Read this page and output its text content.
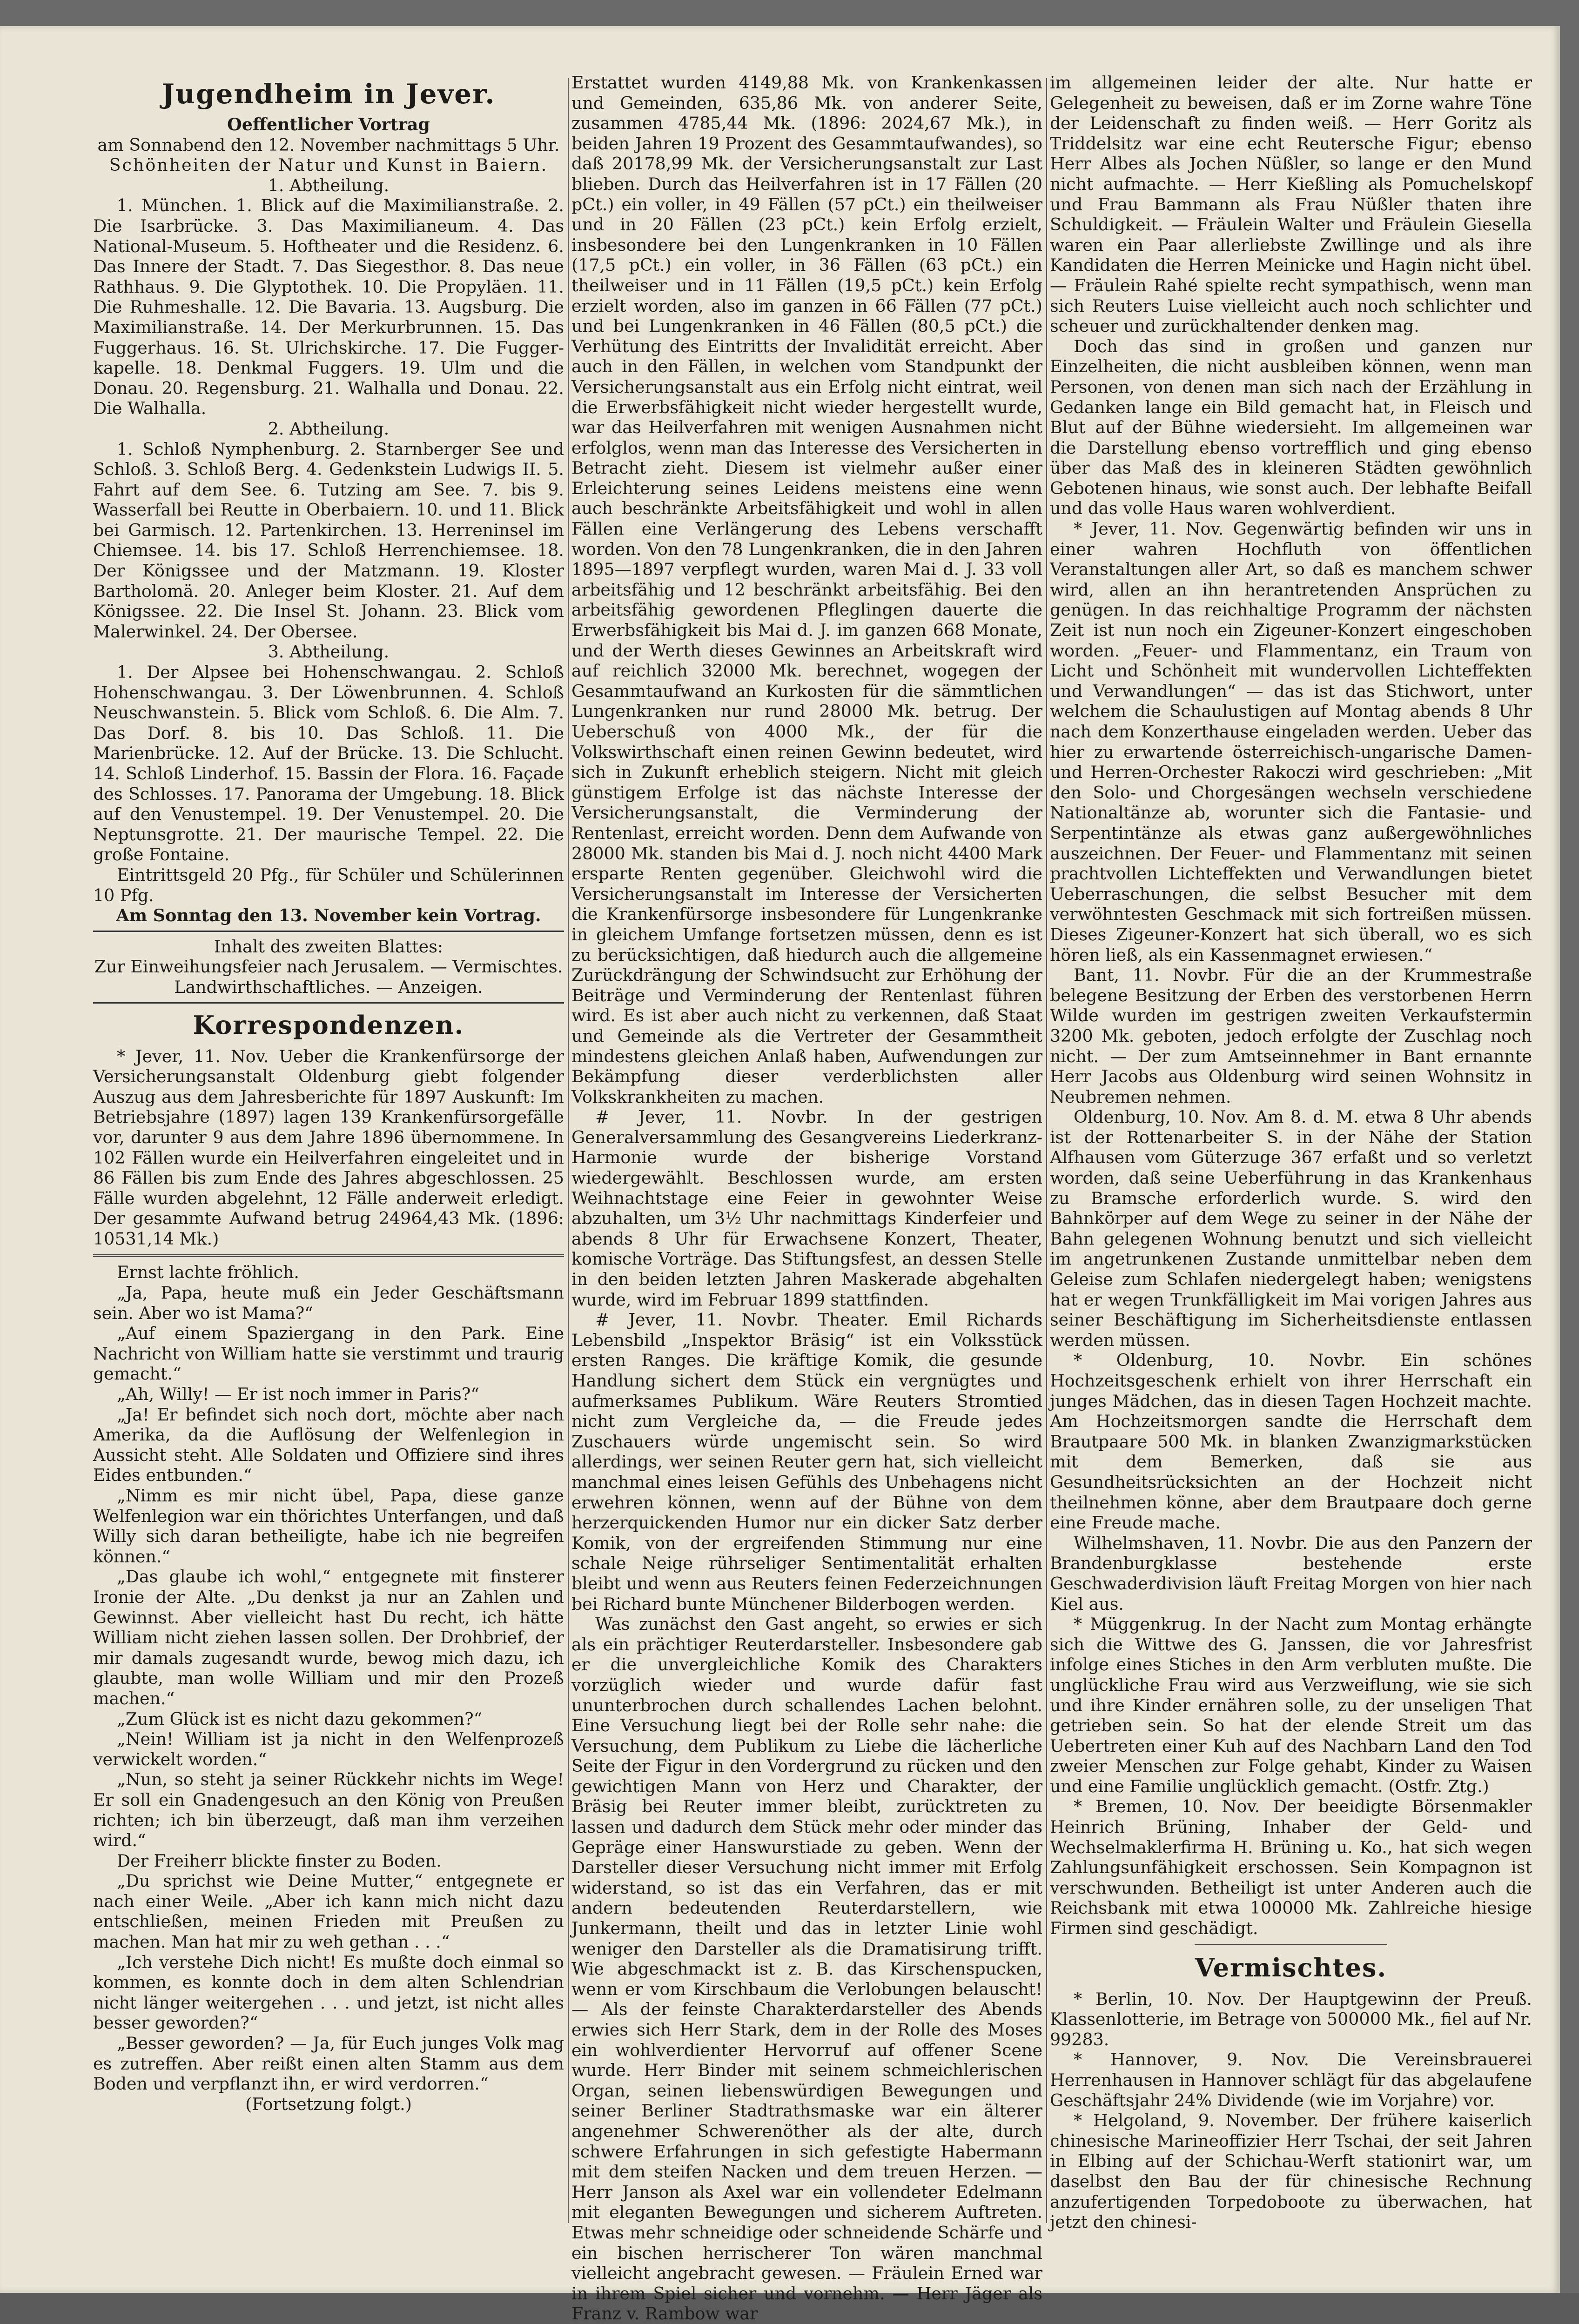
Jugendheim in Jever.

Oeffentlicher Vortrag

am Sonnabend den 12. November nachmittags 5 Uhr.

Schönheiten der Natur und Kunst in Baiern.

1. Abtheilung.

1. München. 1. Blick auf die Maximilianstraße. 2. Die Isarbrücke. 3. Das Maximilianeum. 4. Das National-Museum. 5. Hoftheater und die Residenz. 6. Das Innere der Stadt. 7. Das Siegesthor. 8. Das neue Rathhaus. 9. Die Glyptothek. 10. Die Propyläen. 11. Die Ruhmeshalle. 12. Die Bavaria. 13. Augsburg. Die Maximilianstraße. 14. Der Merkurbrunnen. 15. Das Fuggerhaus. 16. St. Ulrichskirche. 17. Die Fugger-kapelle. 18. Denkmal Fuggers. 19. Ulm und die Donau. 20. Regensburg. 21. Walhalla und Donau. 22. Die Walhalla.

2. Abtheilung.

1. Schloß Nymphenburg. 2. Starnberger See und Schloß. 3. Schloß Berg. 4. Gedenkstein Ludwigs II. 5. Fahrt auf dem See. 6. Tutzing am See. 7. bis 9. Wasserfall bei Reutte in Oberbaiern. 10. und 11. Blick bei Garmisch. 12. Partenkirchen. 13. Herreninsel im Chiemsee. 14. bis 17. Schloß Herrenchiemsee. 18. Der Königssee und der Matzmann. 19. Kloster Bartholomä. 20. Anleger beim Kloster. 21. Auf dem Königssee. 22. Die Insel St. Johann. 23. Blick vom Malerwinkel. 24. Der Obersee.

3. Abtheilung.

1. Der Alpsee bei Hohenschwangau. 2. Schloß Hohenschwangau. 3. Der Löwenbrunnen. 4. Schloß Neuschwanstein. 5. Blick vom Schloß. 6. Die Alm. 7. Das Dorf. 8. bis 10. Das Schloß. 11. Die Marienbrücke. 12. Auf der Brücke. 13. Die Schlucht. 14. Schloß Linderhof. 15. Bassin der Flora. 16. Façade des Schlosses. 17. Panorama der Umgebung. 18. Blick auf den Venustempel. 19. Der Venustempel. 20. Die Neptunsgrotte. 21. Der maurische Tempel. 22. Die große Fontaine.

Eintrittsgeld 20 Pfg., für Schüler und Schülerinnen 10 Pfg.

Am Sonntag den 13. November kein Vortrag.

Inhalt des zweiten Blattes:

Zur Einweihungsfeier nach Jerusalem. — Vermischtes. Landwirthschaftliches. — Anzeigen.

Korrespondenzen.

* Jever, 11. Nov. Ueber die Krankenfürsorge der Versicherungsanstalt Oldenburg giebt folgender Auszug aus dem Jahresberichte für 1897 Auskunft: Im Betriebsjahre (1897) lagen 139 Krankenfürsorgefälle vor, darunter 9 aus dem Jahre 1896 übernommene. In 102 Fällen wurde ein Heilverfahren eingeleitet und in 86 Fällen bis zum Ende des Jahres abgeschlossen. 25 Fälle wurden abgelehnt, 12 Fälle anderweit erledigt. Der gesammte Aufwand betrug 24964,43 Mk. (1896: 10531,14 Mk.)

Ernst lachte fröhlich.

„Ja, Papa, heute muß ein Jeder Geschäftsmann sein. Aber wo ist Mama?“

„Auf einem Spaziergang in den Park. Eine Nachricht von William hatte sie verstimmt und traurig gemacht.“

„Ah, Willy! — Er ist noch immer in Paris?“

„Ja! Er befindet sich noch dort, möchte aber nach Amerika, da die Auflösung der Welfenlegion in Aussicht steht. Alle Soldaten und Offiziere sind ihres Eides entbunden.“

„Nimm es mir nicht übel, Papa, diese ganze Welfenlegion war ein thörichtes Unterfangen, und daß Willy sich daran betheiligte, habe ich nie begreifen können.“

„Das glaube ich wohl,“ entgegnete mit finsterer Ironie der Alte. „Du denkst ja nur an Zahlen und Gewinnst. Aber vielleicht hast Du recht, ich hätte William nicht ziehen lassen sollen. Der Drohbrief, der mir damals zugesandt wurde, bewog mich dazu, ich glaubte, man wolle William und mir den Prozeß machen.“

„Zum Glück ist es nicht dazu gekommen?“

„Nein! William ist ja nicht in den Welfenprozeß verwickelt worden.“

„Nun, so steht ja seiner Rückkehr nichts im Wege! Er soll ein Gnadengesuch an den König von Preußen richten; ich bin überzeugt, daß man ihm verzeihen wird.“

Der Freiherr blickte finster zu Boden.

„Du sprichst wie Deine Mutter,“ entgegnete er nach einer Weile. „Aber ich kann mich nicht dazu entschließen, meinen Frieden mit Preußen zu machen. Man hat mir zu weh gethan . . .“

„Ich verstehe Dich nicht! Es mußte doch einmal so kommen, es konnte doch in dem alten Schlendrian nicht länger weitergehen . . . und jetzt, ist nicht alles besser geworden?“

„Besser geworden? — Ja, für Euch junges Volk mag es zutreffen. Aber reißt einen alten Stamm aus dem Boden und verpflanzt ihn, er wird verdorren.“

(Fortsetzung folgt.)

Erstattet wurden 4149,88 Mk. von Krankenkassen und Gemeinden, 635,86 Mk. von anderer Seite, zusammen 4785,44 Mk. (1896: 2024,67 Mk.), in beiden Jahren 19 Prozent des Gesammtaufwandes), so daß 20178,99 Mk. der Versicherungsanstalt zur Last blieben. Durch das Heilverfahren ist in 17 Fällen (20 pCt.) ein voller, in 49 Fällen (57 pCt.) ein theilweiser und in 20 Fällen (23 pCt.) kein Erfolg erzielt, insbesondere bei den Lungenkranken in 10 Fällen (17,5 pCt.) ein voller, in 36 Fällen (63 pCt.) ein theilweiser und in 11 Fällen (19,5 pCt.) kein Erfolg erzielt worden, also im ganzen in 66 Fällen (77 pCt.) und bei Lungenkranken in 46 Fällen (80,5 pCt.) die Verhütung des Eintritts der Invalidität erreicht. Aber auch in den Fällen, in welchen vom Standpunkt der Versicherungsanstalt aus ein Erfolg nicht eintrat, weil die Erwerbsfähigkeit nicht wieder hergestellt wurde, war das Heilverfahren mit wenigen Ausnahmen nicht erfolglos, wenn man das Interesse des Versicherten in Betracht zieht. Diesem ist vielmehr außer einer Erleichterung seines Leidens meistens eine wenn auch beschränkte Arbeitsfähigkeit und wohl in allen Fällen eine Verlängerung des Lebens verschafft worden. Von den 78 Lungenkranken, die in den Jahren 1895—1897 verpflegt wurden, waren Mai d. J. 33 voll arbeitsfähig und 12 beschränkt arbeitsfähig. Bei den arbeitsfähig gewordenen Pfleglingen dauerte die Erwerbsfähigkeit bis Mai d. J. im ganzen 668 Monate, und der Werth dieses Gewinnes an Arbeitskraft wird auf reichlich 32000 Mk. berechnet, wogegen der Gesammtaufwand an Kurkosten für die sämmtlichen Lungenkranken nur rund 28000 Mk. betrug. Der Ueberschuß von 4000 Mk., der für die Volkswirthschaft einen reinen Gewinn bedeutet, wird sich in Zukunft erheblich steigern. Nicht mit gleich günstigem Erfolge ist das nächste Interesse der Versicherungsanstalt, die Verminderung der Rentenlast, erreicht worden. Denn dem Aufwande von 28000 Mk. standen bis Mai d. J. noch nicht 4400 Mark ersparte Renten gegenüber. Gleichwohl wird die Versicherungsanstalt im Interesse der Versicherten die Krankenfürsorge insbesondere für Lungenkranke in gleichem Umfange fortsetzen müssen, denn es ist zu berücksichtigen, daß hiedurch auch die allgemeine Zurückdrängung der Schwindsucht zur Erhöhung der Beiträge und Verminderung der Rentenlast führen wird. Es ist aber auch nicht zu verkennen, daß Staat und Gemeinde als die Vertreter der Gesammtheit mindestens gleichen Anlaß haben, Aufwendungen zur Bekämpfung dieser verderblichsten aller Volkskrankheiten zu machen.

# Jever, 11. Novbr. In der gestrigen Generalversammlung des Gesangvereins Liederkranz-Harmonie wurde der bisherige Vorstand wiedergewählt. Beschlossen wurde, am ersten Weihnachtstage eine Feier in gewohnter Weise abzuhalten, um 3½ Uhr nachmittags Kinderfeier und abends 8 Uhr für Erwachsene Konzert, Theater, komische Vorträge. Das Stiftungsfest, an dessen Stelle in den beiden letzten Jahren Maskerade abgehalten wurde, wird im Februar 1899 stattfinden.

# Jever, 11. Novbr. Theater. Emil Richards Lebensbild „Inspektor Bräsig“ ist ein Volksstück ersten Ranges. Die kräftige Komik, die gesunde Handlung sichert dem Stück ein vergnügtes und aufmerksames Publikum. Wäre Reuters Stromtied nicht zum Vergleiche da, — die Freude jedes Zuschauers würde ungemischt sein. So wird allerdings, wer seinen Reuter gern hat, sich vielleicht manchmal eines leisen Gefühls des Unbehagens nicht erwehren können, wenn auf der Bühne von dem herzerquickenden Humor nur ein dicker Satz derber Komik, von der ergreifenden Stimmung nur eine schale Neige rührseliger Sentimentalität erhalten bleibt und wenn aus Reuters feinen Federzeichnungen bei Richard bunte Münchener Bilderbogen werden.

Was zunächst den Gast angeht, so erwies er sich als ein prächtiger Reuterdarsteller. Insbesondere gab er die unvergleichliche Komik des Charakters vorzüglich wieder und wurde dafür fast ununterbrochen durch schallendes Lachen belohnt. Eine Versuchung liegt bei der Rolle sehr nahe: die Versuchung, dem Publikum zu Liebe die lächerliche Seite der Figur in den Vordergrund zu rücken und den gewichtigen Mann von Herz und Charakter, der Bräsig bei Reuter immer bleibt, zurücktreten zu lassen und dadurch dem Stück mehr oder minder das Gepräge einer Hanswurstiade zu geben. Wenn der Darsteller dieser Versuchung nicht immer mit Erfolg widerstand, so ist das ein Verfahren, das er mit andern bedeutenden Reuterdarstellern, wie Junkermann, theilt und das in letzter Linie wohl weniger den Darsteller als die Dramatisirung trifft. Wie abgeschmackt ist z. B. das Kirschenspucken, wenn er vom Kirschbaum die Verlobungen belauscht! — Als der feinste Charakterdarsteller des Abends erwies sich Herr Stark, dem in der Rolle des Moses ein wohlverdienter Hervorruf auf offener Scene wurde. Herr Binder mit seinem schmeichlerischen Organ, seinen liebenswürdigen Bewegungen und seiner Berliner Stadtrathsmaske war ein älterer angenehmer Schwerenöther als der alte, durch schwere Erfahrungen in sich gefestigte Habermann mit dem steifen Nacken und dem treuen Herzen. — Herr Janson als Axel war ein vollendeter Edelmann mit eleganten Bewegungen und sicherem Auftreten. Etwas mehr schneidige oder schneidende Schärfe und ein bischen herrischerer Ton wären manchmal vielleicht angebracht gewesen. — Fräulein Erned war in ihrem Spiel sicher und vornehm. — Herr Jäger als Franz v. Rambow war

im allgemeinen leider der alte. Nur hatte er Gelegenheit zu beweisen, daß er im Zorne wahre Töne der Leidenschaft zu finden weiß. — Herr Goritz als Triddelsitz war eine echt Reutersche Figur; ebenso Herr Albes als Jochen Nüßler, so lange er den Mund nicht aufmachte. — Herr Kießling als Pomuchelskopf und Frau Bammann als Frau Nüßler thaten ihre Schuldigkeit. — Fräulein Walter und Fräulein Giesella waren ein Paar allerliebste Zwillinge und als ihre Kandidaten die Herren Meinicke und Hagin nicht übel. — Fräulein Rahé spielte recht sympathisch, wenn man sich Reuters Luise vielleicht auch noch schlichter und scheuer und zurückhaltender denken mag.

Doch das sind in großen und ganzen nur Einzelheiten, die nicht ausbleiben können, wenn man Personen, von denen man sich nach der Erzählung in Gedanken lange ein Bild gemacht hat, in Fleisch und Blut auf der Bühne wiedersieht. Im allgemeinen war die Darstellung ebenso vortrefflich und ging ebenso über das Maß des in kleineren Städten gewöhnlich Gebotenen hinaus, wie sonst auch. Der lebhafte Beifall und das volle Haus waren wohlverdient.

* Jever, 11. Nov. Gegenwärtig befinden wir uns in einer wahren Hochfluth von öffentlichen Veranstaltungen aller Art, so daß es manchem schwer wird, allen an ihn herantretenden Ansprüchen zu genügen. In das reichhaltige Programm der nächsten Zeit ist nun noch ein Zigeuner-Konzert eingeschoben worden. „Feuer- und Flammentanz, ein Traum von Licht und Schönheit mit wundervollen Lichteffekten und Verwandlungen“ — das ist das Stichwort, unter welchem die Schaulustigen auf Montag abends 8 Uhr nach dem Konzerthause eingeladen werden. Ueber das hier zu erwartende österreichisch-ungarische Damen- und Herren-Orchester Rakoczi wird geschrieben: „Mit den Solo- und Chorgesängen wechseln verschiedene Nationaltänze ab, worunter sich die Fantasie- und Serpentintänze als etwas ganz außergewöhnliches auszeichnen. Der Feuer- und Flammentanz mit seinen prachtvollen Lichteffekten und Verwandlungen bietet Ueberraschungen, die selbst Besucher mit dem verwöhntesten Geschmack mit sich fortreißen müssen. Dieses Zigeuner-Konzert hat sich überall, wo es sich hören ließ, als ein Kassenmagnet erwiesen.“

Bant, 11. Novbr. Für die an der Krummestraße belegene Besitzung der Erben des verstorbenen Herrn Wilde wurden im gestrigen zweiten Verkaufstermin 3200 Mk. geboten, jedoch erfolgte der Zuschlag noch nicht. — Der zum Amtseinnehmer in Bant ernannte Herr Jacobs aus Oldenburg wird seinen Wohnsitz in Neubremen nehmen.

Oldenburg, 10. Nov. Am 8. d. M. etwa 8 Uhr abends ist der Rottenarbeiter S. in der Nähe der Station Alfhausen vom Güterzuge 367 erfaßt und so verletzt worden, daß seine Ueberführung in das Krankenhaus zu Bramsche erforderlich wurde. S. wird den Bahnkörper auf dem Wege zu seiner in der Nähe der Bahn gelegenen Wohnung benutzt und sich vielleicht im angetrunkenen Zustande unmittelbar neben dem Geleise zum Schlafen niedergelegt haben; wenigstens hat er wegen Trunkfälligkeit im Mai vorigen Jahres aus seiner Beschäftigung im Sicherheitsdienste entlassen werden müssen.

* Oldenburg, 10. Novbr. Ein schönes Hochzeitsgeschenk erhielt von ihrer Herrschaft ein junges Mädchen, das in diesen Tagen Hochzeit machte. Am Hochzeitsmorgen sandte die Herrschaft dem Brautpaare 500 Mk. in blanken Zwanzigmarkstücken mit dem Bemerken, daß sie aus Gesundheitsrücksichten an der Hochzeit nicht theilnehmen könne, aber dem Brautpaare doch gerne eine Freude mache.

Wilhelmshaven, 11. Novbr. Die aus den Panzern der Brandenburgklasse bestehende erste Geschwaderdivision läuft Freitag Morgen von hier nach Kiel aus.

* Müggenkrug. In der Nacht zum Montag erhängte sich die Wittwe des G. Janssen, die vor Jahresfrist infolge eines Stiches in den Arm verbluten mußte. Die unglückliche Frau wird aus Verzweiflung, wie sie sich und ihre Kinder ernähren solle, zu der unseligen That getrieben sein. So hat der elende Streit um das Uebertreten einer Kuh auf des Nachbarn Land den Tod zweier Menschen zur Folge gehabt, Kinder zu Waisen und eine Familie unglücklich gemacht. (Ostfr. Ztg.)

* Bremen, 10. Nov. Der beeidigte Börsenmakler Heinrich Brüning, Inhaber der Geld- und Wechselmaklerfirma H. Brüning u. Ko., hat sich wegen Zahlungsunfähigkeit erschossen. Sein Kompagnon ist verschwunden. Betheiligt ist unter Anderen auch die Reichsbank mit etwa 100000 Mk. Zahlreiche hiesige Firmen sind geschädigt.

Vermischtes.

* Berlin, 10. Nov. Der Hauptgewinn der Preuß. Klassenlotterie, im Betrage von 500000 Mk., fiel auf Nr. 99283.

* Hannover, 9. Nov. Die Vereinsbrauerei Herrenhausen in Hannover schlägt für das abgelaufene Geschäftsjahr 24% Dividende (wie im Vorjahre) vor.

* Helgoland, 9. November. Der frühere kaiserlich chinesische Marineoffizier Herr Tschai, der seit Jahren in Elbing auf der Schichau-Werft stationirt war, um daselbst den Bau der für chinesische Rechnung anzufertigenden Torpedoboote zu überwachen, hat jetzt den chinesi-
